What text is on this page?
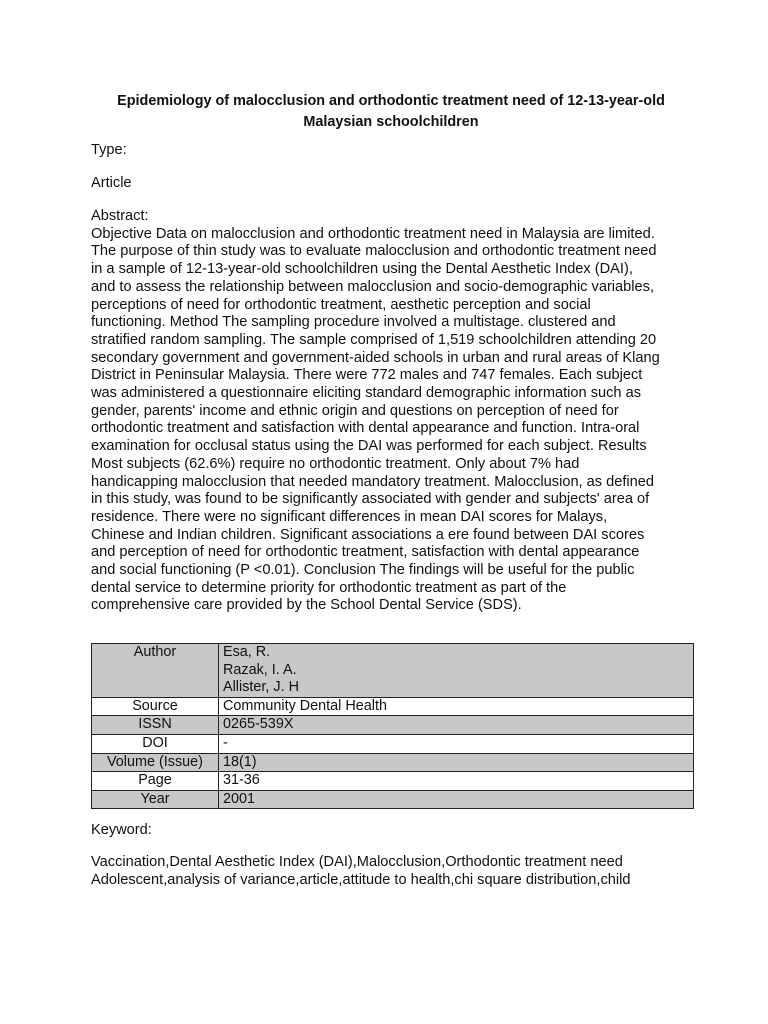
Epidemiology of malocclusion and orthodontic treatment need of 12-13-year-old
Malaysian schoolchildren
Type:
Article

Abstract:

Objective Data on malocclusion and orthodontic treatment need in Malaysia are limited.

The purpose of thin study was to evaluate malocclusion and orthodontic treatment need

in a sample of 12-13-year-old schoolchildren using the Dental Aesthetic Index (DAI),

and to assess the relationship between malocclusion and socio-demographic variables,

perceptions of need for orthodontic treatment, aesthetic perception and social

functioning. Method The sampling procedure involved a multistage. clustered and

stratified random sampling. The sample comprised of 1,519 schoolchildren attending 20

secondary government and government-aided schools in urban and rural areas of Klang

District in Peninsular Malaysia. There were 772 males and 747 females. Each subject

was administered a questionnaire eliciting standard demographic information such as

gender, parents' income and ethnic origin and questions on perception of need for

orthodontic treatment and satisfaction with dental appearance and function. Intra-oral

examination for occlusal status using the DAI was performed for each subject. Results

Most subjects (62.6%) require no orthodontic treatment. Only about 7% had

handicapping malocclusion that needed mandatory treatment. Malocclusion, as defined

in this study, was found to be significantly associated with gender and subjects' area of

residence. There were no significant differences in mean DAI scores for Malays,

Chinese and Indian children. Significant associations a ere found between DAI scores

and perception of need for orthodontic treatment, satisfaction with dental appearance

and social functioning (P <0.01). Conclusion The findings will be useful for the public

dental service to determine priority for orthodontic treatment as part of the

comprehensive care provided by the School Dental Service (SDS).

Author	Esa, R.
Razak, I. A.
Allister, J. H

Source	Community Dental Health
ISSN	0265-539X
DOI	-
Volume (Issue)	18(1)
Page	31-36
Year	2001
Keyword:
Vaccination,Dental Aesthetic Index (DAI),Malocclusion,Orthodontic treatment need
Adolescent,analysis of variance,article,attitude to health,chi square distribution,child
